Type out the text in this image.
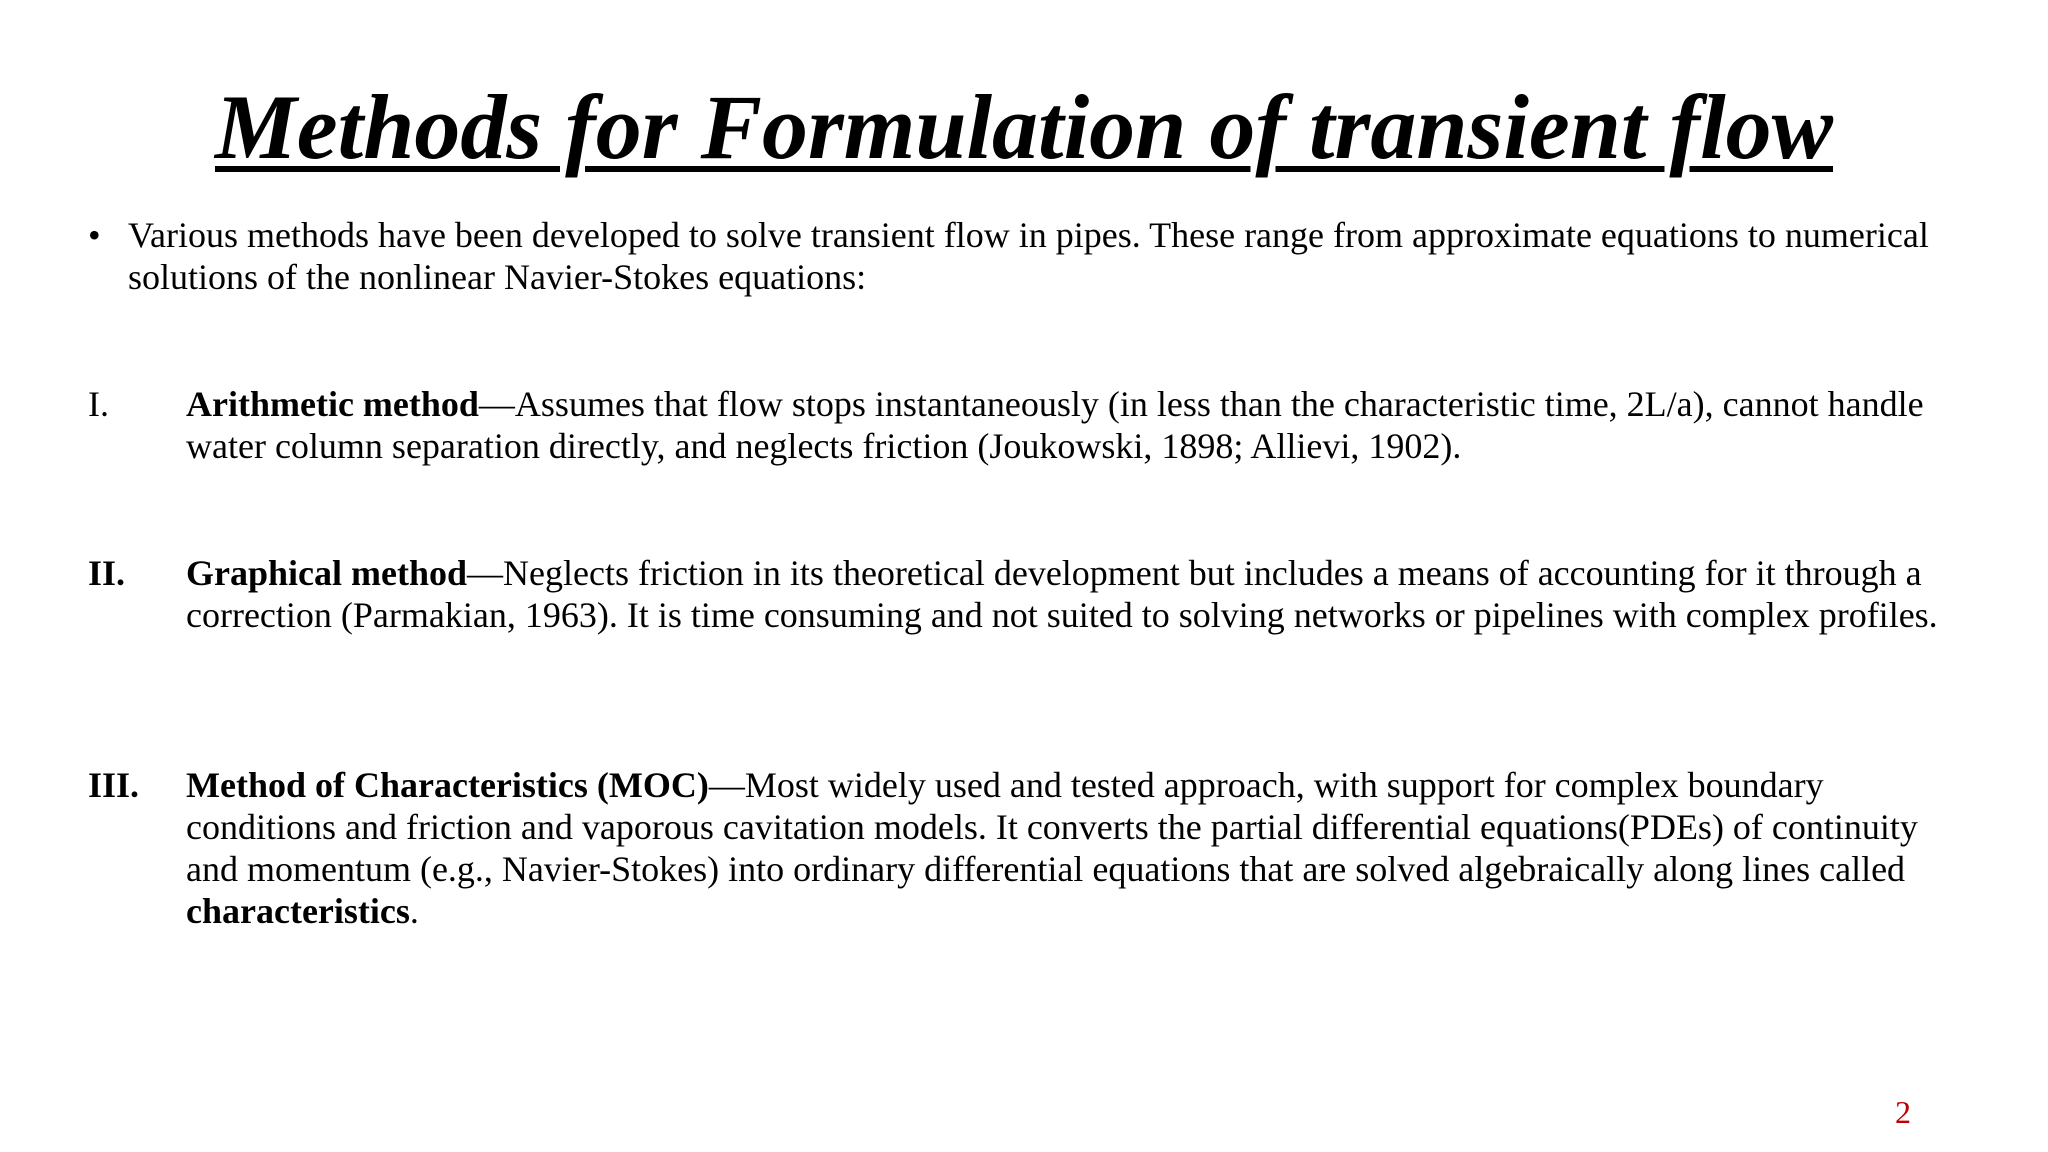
Methods for Formulation of transient flow
• Various methods have been developed to solve transient flow in pipes. These range from approximate equations to numerical solutions of the nonlinear Navier-Stokes equations:
I. Arithmetic method—Assumes that flow stops instantaneously (in less than the characteristic time, 2L/a), cannot handle water column separation directly, and neglects friction (Joukowski, 1898; Allievi, 1902).
II. Graphical method—Neglects friction in its theoretical development but includes a means of accounting for it through a correction (Parmakian, 1963). It is time consuming and not suited to solving networks or pipelines with complex profiles.
III. Method of Characteristics (MOC)—Most widely used and tested approach, with support for complex boundary conditions and friction and vaporous cavitation models. It converts the partial differential equations(PDEs) of continuity and momentum (e.g., Navier-Stokes) into ordinary differential equations that are solved algebraically along lines called characteristics.
2
